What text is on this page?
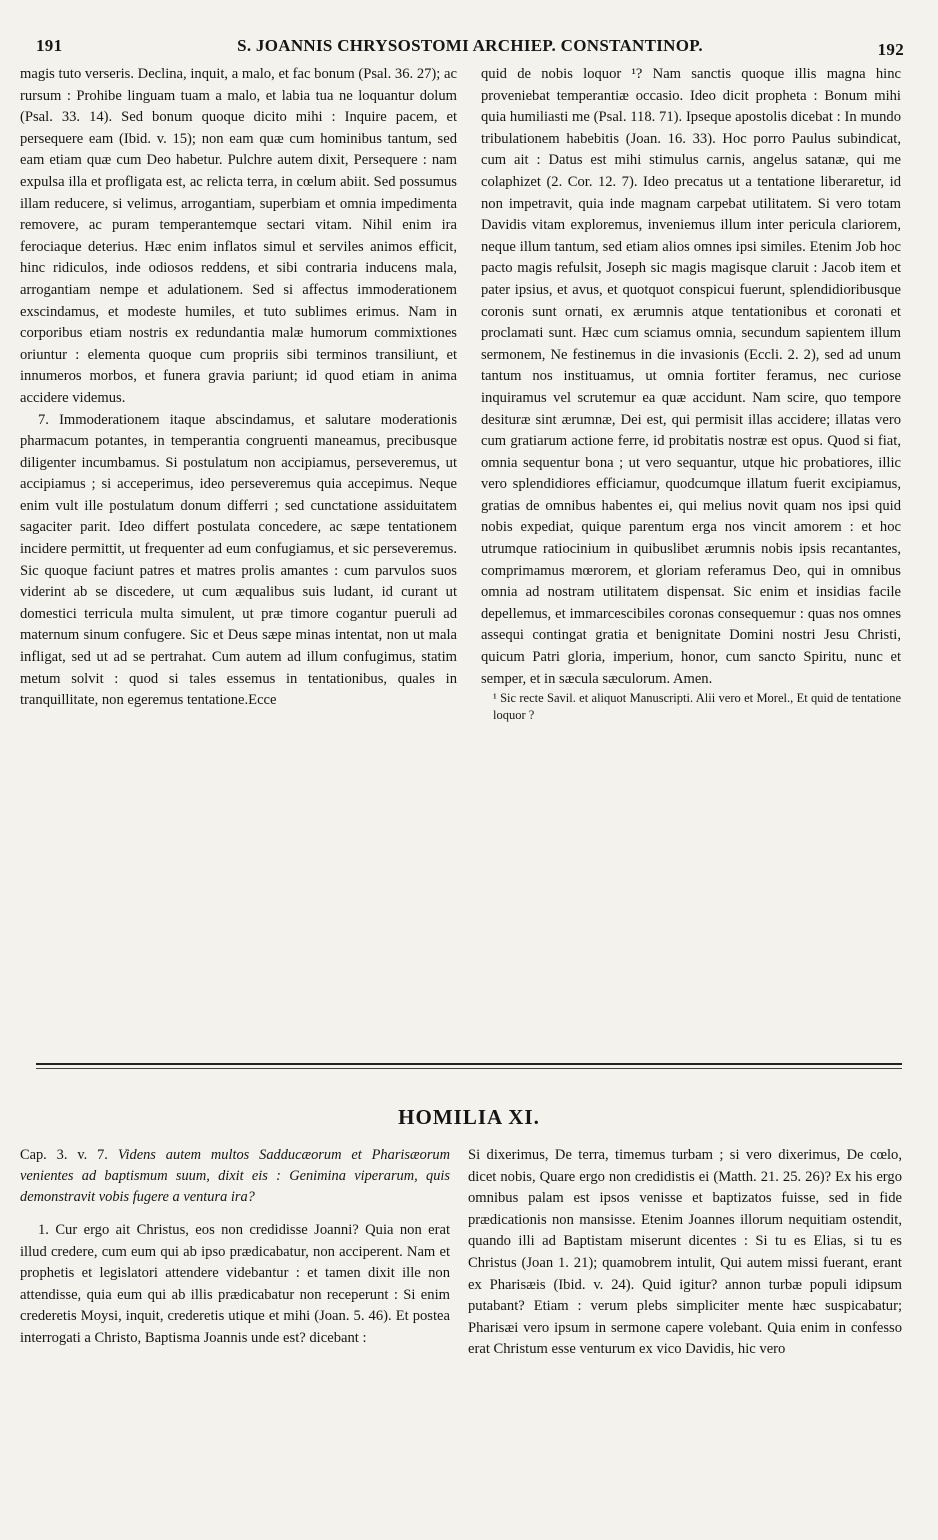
191	S. JOANNIS CHRYSOSTOMI ARCHIEP. CONSTANTINOP.	192

magis tuto verseris. Declina, inquit, a malo, et fac bonum (Psal. 36. 27); ac rursum : Prohibe linguam tuam a malo, et labia tua ne loquantur dolum (Psal. 33. 14). Sed bonum quoque dicito mihi : Inquire pacem, et persequere eam (Ibid. v. 15); non eam quæ cum hominibus tantum, sed eam etiam quæ cum Deo habetur. Pulchre autem dixit, Persequere : nam expulsa illa et profligata est, ac relicta terra, in cœlum abiit. Sed possumus illam reducere, si velimus, arrogantiam, superbiam et omnia impedimenta removere, ac puram temperantemque sectari vitam. Nihil enim ira ferociaque deterius. Hæc enim inflatos simul et serviles animos efficit, hinc ridiculos, inde odiosos reddens, et sibi contraria inducens mala, arrogantiam nempe et adulationem. Sed si affectus immoderationem exscindamus, et modeste humiles, et tuto sublimes erimus. Nam in corporibus etiam nostris ex redundantia malæ humorum commixtiones oriuntur : elementa quoque cum propriis sibi terminos transiliunt, et innumeros morbos, et funera gravia pariunt; id quod etiam in anima accidere videmus.

7. Immoderationem itaque abscindamus, et salutare moderationis pharmacum potantes, in temperantia congruenti maneamus, precibusque diligenter incumbamus. Si postulatum non accipiamus, perseveremus, ut accipiamus ; si acceperimus, ideo perseveremus quia accepimus. Neque enim vult ille postulatum donum differri ; sed cunctatione assiduitatem sagaciter parit. Ideo differt postulata concedere, ac sæpe tentationem incidere permittit, ut frequenter ad eum confugiamus, et sic perseveremus. Sic quoque faciunt patres et matres prolis amantes : cum parvulos suos viderint ab se discedere, ut cum æqualibus suis ludant, id curant ut domestici terricula multa simulent, ut præ timore cogantur pueruli ad maternum sinum confugere. Sic et Deus sæpe minas intentat, non ut mala infligat, sed ut ad se pertrahat. Cum autem ad illum confugimus, statim metum solvit : quod si tales essemus in tentationibus, quales in tranquillitate, non egeremus tentatione.Ecce

quid de nobis loquor ¹? Nam sanctis quoque illis magna hinc proveniebat temperantiæ occasio. Ideo dicit propheta : Bonum mihi quia humiliasti me (Psal. 118. 71). Ipseque apostolis dicebat : In mundo tribulationem habebitis (Joan. 16. 33). Hoc porro Paulus subindicat, cum ait : Datus est mihi stimulus carnis, angelus satanæ, qui me colaphizet (2. Cor. 12. 7). Ideo precatus ut a tentatione liberaretur, id non impetravit, quia inde magnam carpebat utilitatem. Si vero totam Davidis vitam exploremus, inveniemus illum inter pericula clariorem, neque illum tantum, sed etiam alios omnes ipsi similes. Etenim Job hoc pacto magis refulsit, Joseph sic magis magisque claruit : Jacob item et pater ipsius, et avus, et quotquot conspicui fuerunt, splendidioribusque coronis sunt ornati, ex ærumnis atque tentationibus et coronati et proclamati sunt. Hæc cum sciamus omnia, secundum sapientem illum sermonem, Ne festinemus in die invasionis (Eccli. 2. 2), sed ad unum tantum nos instituamus, ut omnia fortiter feramus, nec curiose inquiramus vel scrutemur ea quæ accidunt. Nam scire, quo tempore desituræ sint ærumnæ, Dei est, qui permisit illas accidere; illatas vero cum gratiarum actione ferre, id probitatis nostræ est opus. Quod si fiat, omnia sequentur bona ; ut vero sequantur, utque hic probatiores, illic vero splendidiores efficiamur, quodcumque illatum fuerit excipiamus, gratias de omnibus habentes ei, qui melius novit quam nos ipsi quid nobis expediat, quique parentum erga nos vincit amorem : et hoc utrumque ratiocinium in quibuslibet ærumnis nobis ipsis recantantes, comprimamus mœrorem, et gloriam referamus Deo, qui in omnibus omnia ad nostram utilitatem dispensat. Sic enim et insidias facile depellemus, et immarcescibiles coronas consequemur : quas nos omnes assequi contingat gratia et benignitate Domini nostri Jesu Christi, quicum Patri gloria, imperium, honor, cum sancto Spiritu, nunc et semper, et in sæcula sæculorum. Amen.

¹ Sic recte Savil. et aliquot Manuscripti. Alii vero et Morel., Et quid de tentatione loquor ?

HOMILIA XI.

Cap. 3. v. 7. Videns autem multos Sadducæorum et Pharisæorum venientes ad baptismum suum, dixit eis : Genimina viperarum, quis demonstravit vobis fugere a ventura ira?

1. Cur ergo ait Christus, eos non credidisse Joanni? Quia non erat illud credere, cum eum qui ab ipso prædicabatur, non acciperent. Nam et prophetis et legislatori attendere videbantur : et tamen dixit ille non attendisse, quia eum qui ab illis prædicabatur non receperunt : Si enim crederetis Moysi, inquit, crederetis utique et mihi (Joan. 5. 46). Et postea interrogati a Christo, Baptisma Joannis unde est? dicebant :

Si dixerimus, De terra, timemus turbam ; si vero dixerimus, De cœlo, dicet nobis, Quare ergo non credidistis ei (Matth. 21. 25. 26)? Ex his ergo omnibus palam est ipsos venisse et baptizatos fuisse, sed in fide prædicationis non mansisse. Etenim Joannes illorum nequitiam ostendit, quando illi ad Baptistam miserunt dicentes : Si tu es Elias, si tu es Christus (Joan 1. 21); quamobrem intulit, Qui autem missi fuerant, erant ex Pharisæis (Ibid. v. 24). Quid igitur? annon turbæ populi idipsum putabant? Etiam : verum plebs simpliciter mente hæc suspicabatur; Pharisæi vero ipsum in sermone capere volebant. Quia enim in confesso erat Christum esse venturum ex vico Davidis, hic vero
